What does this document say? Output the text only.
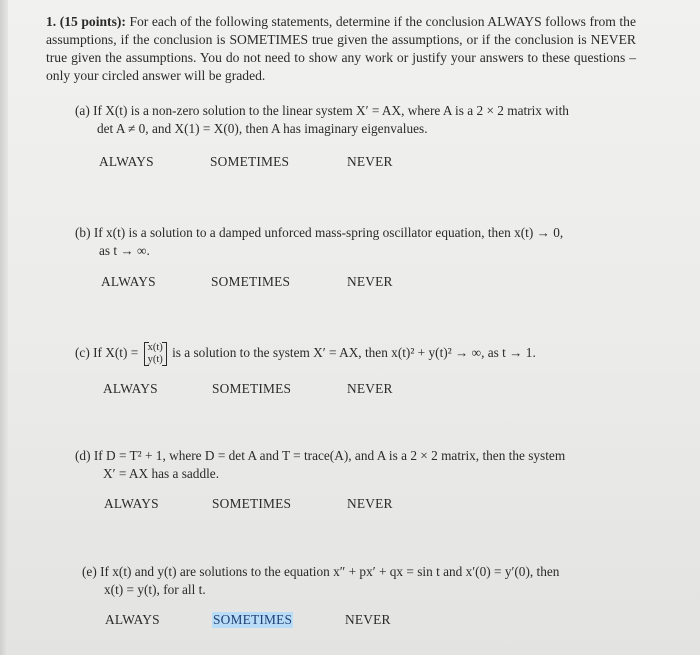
1. (15 points): For each of the following statements, determine if the conclusion ALWAYS follows from the assumptions, if the conclusion is SOMETIMES true given the assumptions, or if the conclusion is NEVER true given the assumptions. You do not need to show any work or justify your answers to these questions – only your circled answer will be graded.
(a) If X(t) is a non-zero solution to the linear system X′ = AX, where A is a 2 × 2 matrix with
det A ≠ 0, and X(1) = X(0), then A has imaginary eigenvalues.
ALWAYS	SOMETIMES	NEVER
(b) If x(t) is a solution to a damped unforced mass-spring oscillator equation, then x(t) → 0,
as t → ∞.
ALWAYS	SOMETIMES	NEVER
(c) If X(t) = x(t)
y(t) is a solution to the system X′ = AX, then x(t)² + y(t)² → ∞, as t → 1.
ALWAYS	SOMETIMES	NEVER
(d) If D = T² + 1, where D = det A and T = trace(A), and A is a 2 × 2 matrix, then the system
X′ = AX has a saddle.
ALWAYS	SOMETIMES	NEVER
(e) If x(t) and y(t) are solutions to the equation x″ + px′ + qx = sin t and x′(0) = y′(0), then
x(t) = y(t), for all t.
ALWAYS	SOMETIMES	NEVER
